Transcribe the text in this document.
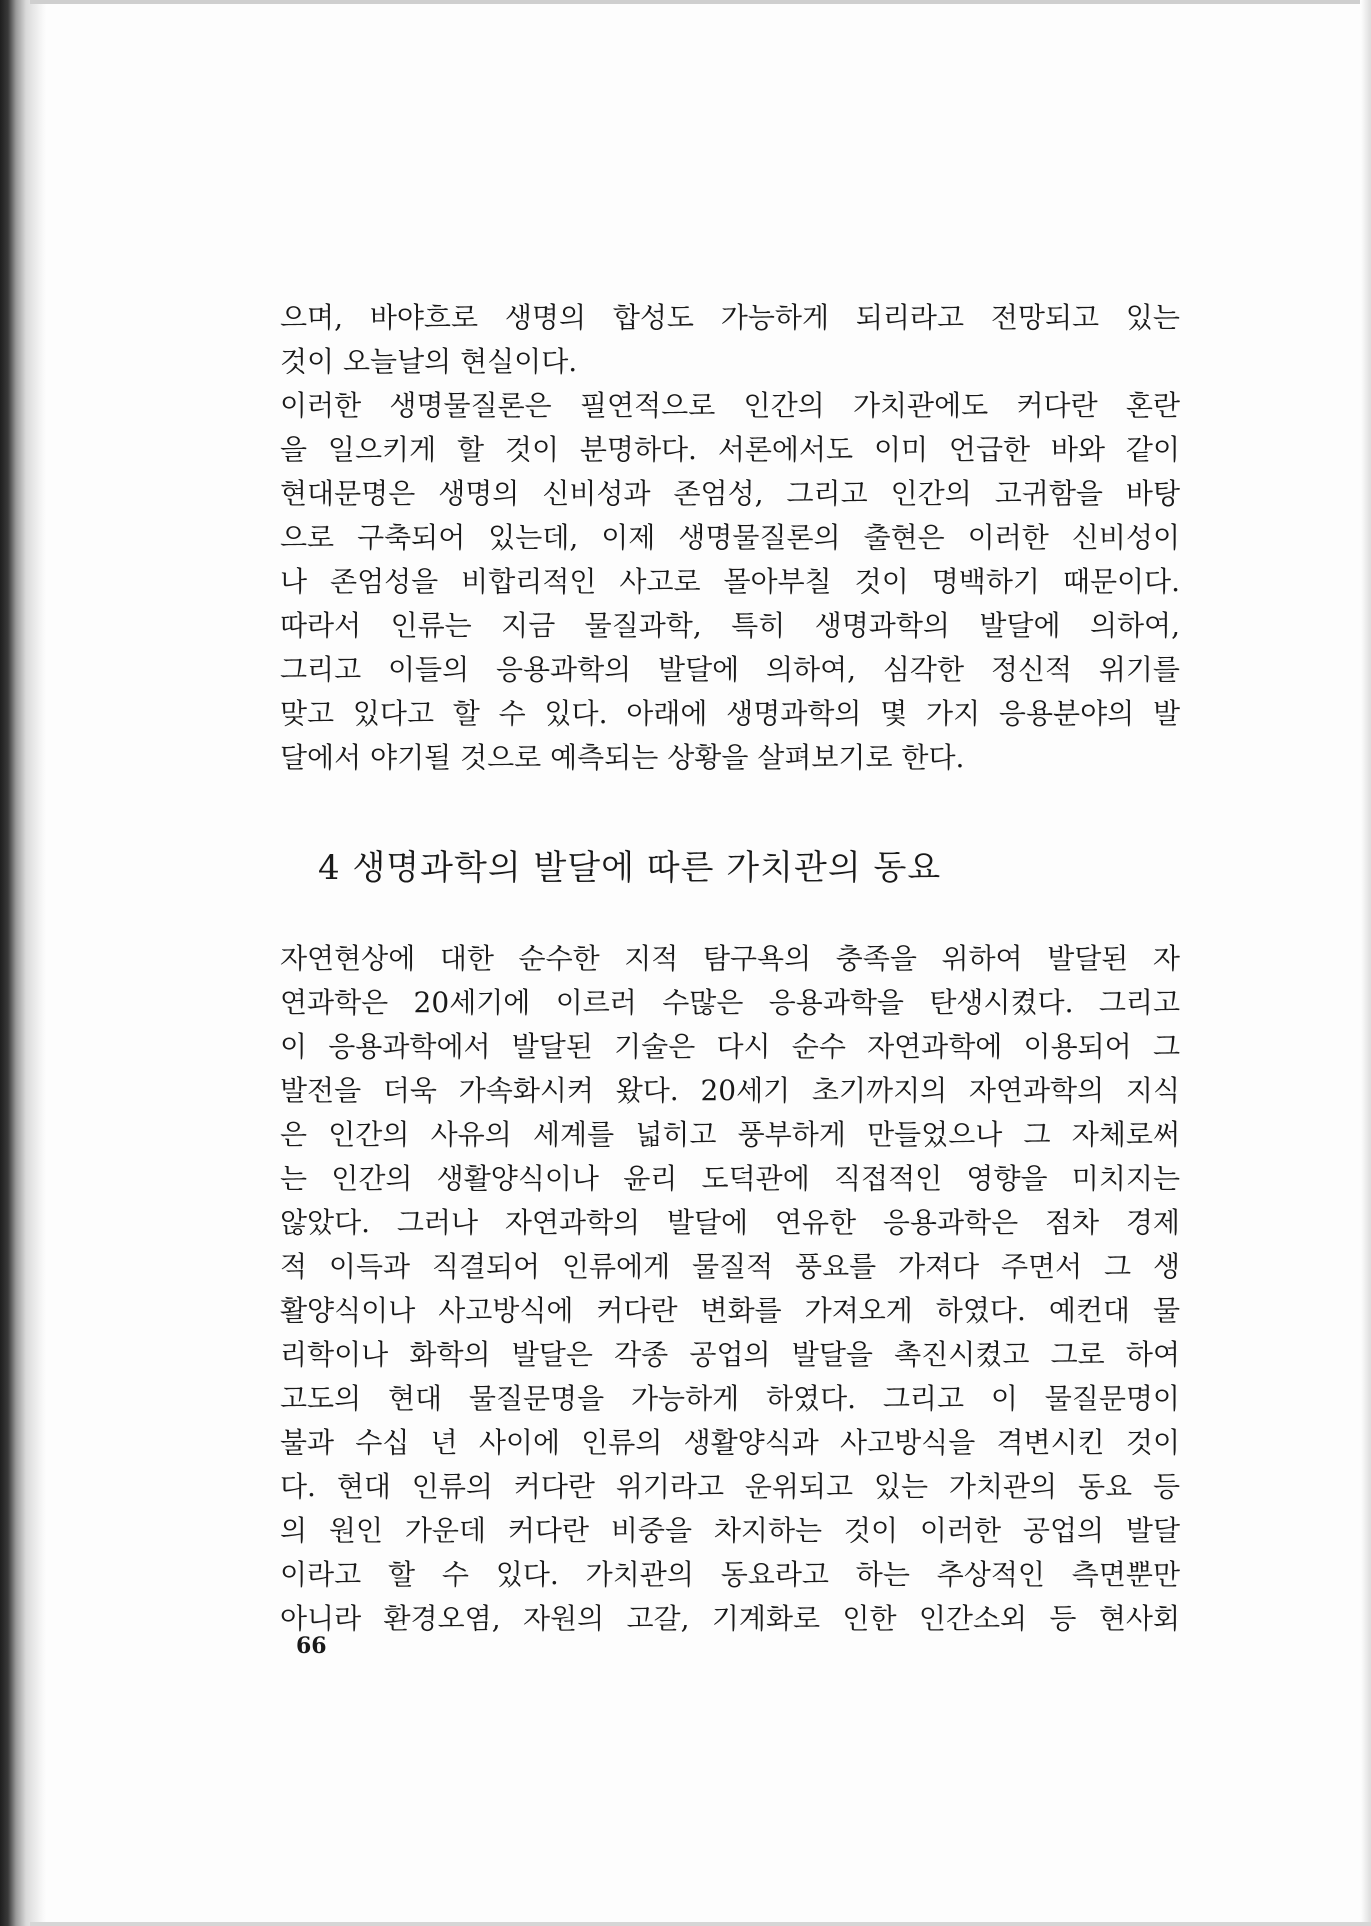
으며, 바야흐로 생명의 합성도 가능하게 되리라고 전망되고 있는
것이 오늘날의 현실이다.
이러한 생명물질론은 필연적으로 인간의 가치관에도 커다란 혼란
을 일으키게 할 것이 분명하다. 서론에서도 이미 언급한 바와 같이
현대문명은 생명의 신비성과 존엄성, 그리고 인간의 고귀함을 바탕
으로 구축되어 있는데, 이제 생명물질론의 출현은 이러한 신비성이
나 존엄성을 비합리적인 사고로 몰아부칠 것이 명백하기 때문이다.
따라서 인류는 지금 물질과학, 특히 생명과학의 발달에 의하여,
그리고 이들의 응용과학의 발달에 의하여, 심각한 정신적 위기를
맞고 있다고 할 수 있다. 아래에 생명과학의 몇 가지 응용분야의 발
달에서 야기될 것으로 예측되는 상황을 살펴보기로 한다.
4 생명과학의 발달에 따른 가치관의 동요
자연현상에 대한 순수한 지적 탐구욕의 충족을 위하여 발달된 자
연과학은 20세기에 이르러 수많은 응용과학을 탄생시켰다. 그리고
이 응용과학에서 발달된 기술은 다시 순수 자연과학에 이용되어 그
발전을 더욱 가속화시켜 왔다. 20세기 초기까지의 자연과학의 지식
은 인간의 사유의 세계를 넓히고 풍부하게 만들었으나 그 자체로써
는 인간의 생활양식이나 윤리 도덕관에 직접적인 영향을 미치지는
않았다. 그러나 자연과학의 발달에 연유한 응용과학은 점차 경제
적 이득과 직결되어 인류에게 물질적 풍요를 가져다 주면서 그 생
활양식이나 사고방식에 커다란 변화를 가져오게 하였다. 예컨대 물
리학이나 화학의 발달은 각종 공업의 발달을 촉진시켰고 그로 하여
고도의 현대 물질문명을 가능하게 하였다. 그리고 이 물질문명이
불과 수십 년 사이에 인류의 생활양식과 사고방식을 격변시킨 것이
다. 현대 인류의 커다란 위기라고 운위되고 있는 가치관의 동요 등
의 원인 가운데 커다란 비중을 차지하는 것이 이러한 공업의 발달
이라고 할 수 있다. 가치관의 동요라고 하는 추상적인 측면뿐만
아니라 환경오염, 자원의 고갈, 기계화로 인한 인간소외 등 현사회
66
